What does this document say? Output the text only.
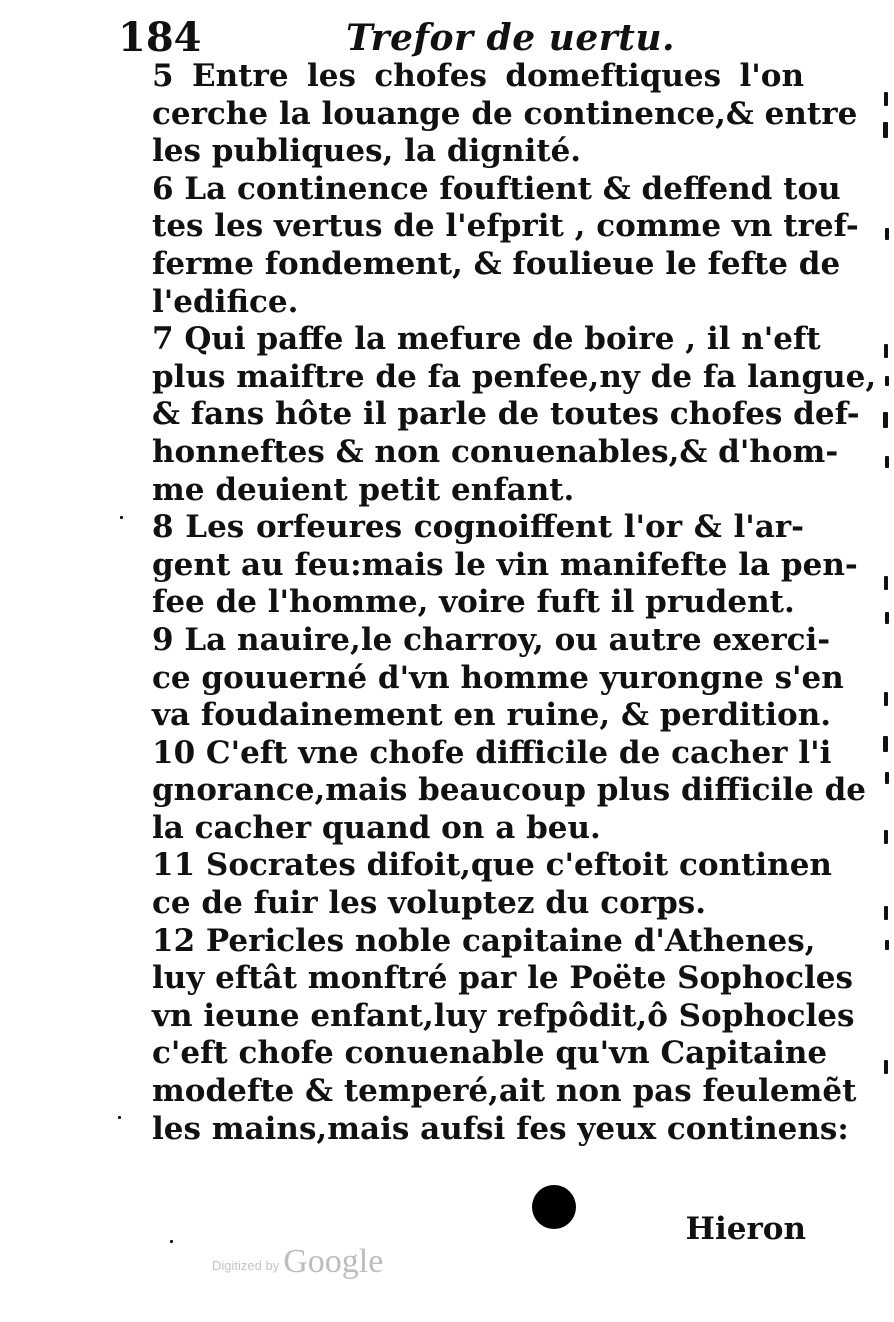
184	Trefor de uertu.
5 Entre les chofes domeftiques l'on
cerche la louange de continence,& entre
les publiques, la dignité.
6 La continence fouftient & deffend tou
tes les vertus de l'efprit , comme vn tref-
ferme fondement, & foulieue le fefte de
l'edifice.
7 Qui paffe la mefure de boire , il n'eft
plus maiftre de fa penfee,ny de fa langue,
& fans hôte il parle de toutes chofes def-
honneftes & non conuenables,& d'hom-
me deuient petit enfant.
8 Les orfeures cognoiffent l'or & l'ar-
gent au feu:mais le vin manifefte la pen-
fee de l'homme, voire fuft il prudent.
9 La nauire,le charroy, ou autre exerci-
ce gouuerné d'vn homme yurongne s'en
va foudainement en ruine, & perdition.
10 C'eft vne chofe difficile de cacher l'i
gnorance,mais beaucoup plus difficile de
la cacher quand on a beu.
11 Socrates difoit,que c'eftoit continen
ce de fuir les voluptez du corps.
12 Pericles noble capitaine d'Athenes,
luy eftât monftré par le Poëte Sophocles
vn ieune enfant,luy refpôdit,ô Sophocles
c'eft chofe conuenable qu'vn Capitaine
modefte & temperé,ait non pas feulemẽt
les mains,mais aufsi fes yeux continens:
Hieron
Digitized by Google
